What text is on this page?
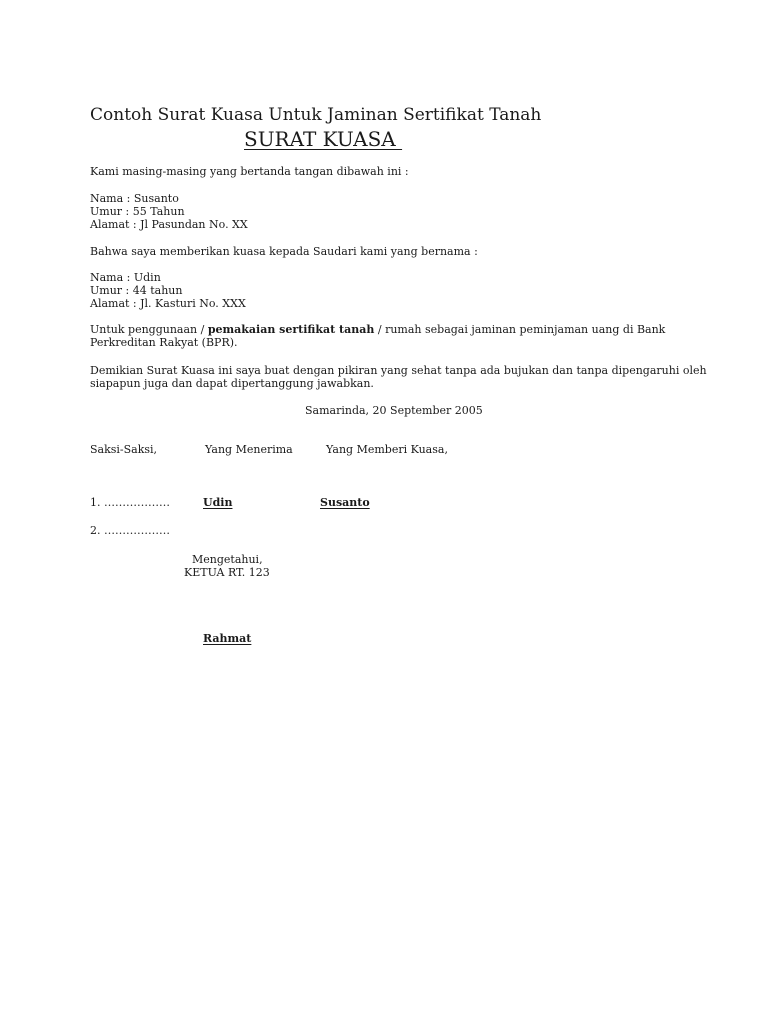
Contoh Surat Kuasa Untuk Jaminan Sertifikat Tanah
SURAT KUASA
Kami masing-masing yang bertanda tangan dibawah ini :
Nama : Susanto
Umur : 55 Tahun
Alamat : Jl Pasundan No. XX
Bahwa saya memberikan kuasa kepada Saudari kami yang bernama :
Nama : Udin
Umur : 44 tahun
Alamat : Jl. Kasturi No. XXX
Untuk penggunaan / pemakaian sertifikat tanah / rumah sebagai jaminan peminjaman uang di Bank
Perkreditan Rakyat (BPR).
Demikian Surat Kuasa ini saya buat dengan pikiran yang sehat tanpa ada bujukan dan tanpa dipengaruhi oleh
siapapun juga dan dapat dipertanggung jawabkan.
Samarinda, 20 September 2005
Saksi-Saksi,	Yang Menerima	Yang Memberi Kuasa,
1. ………………	Udin	Susanto
2. ………………
Mengetahui,
KETUA RT. 123
Rahmat
